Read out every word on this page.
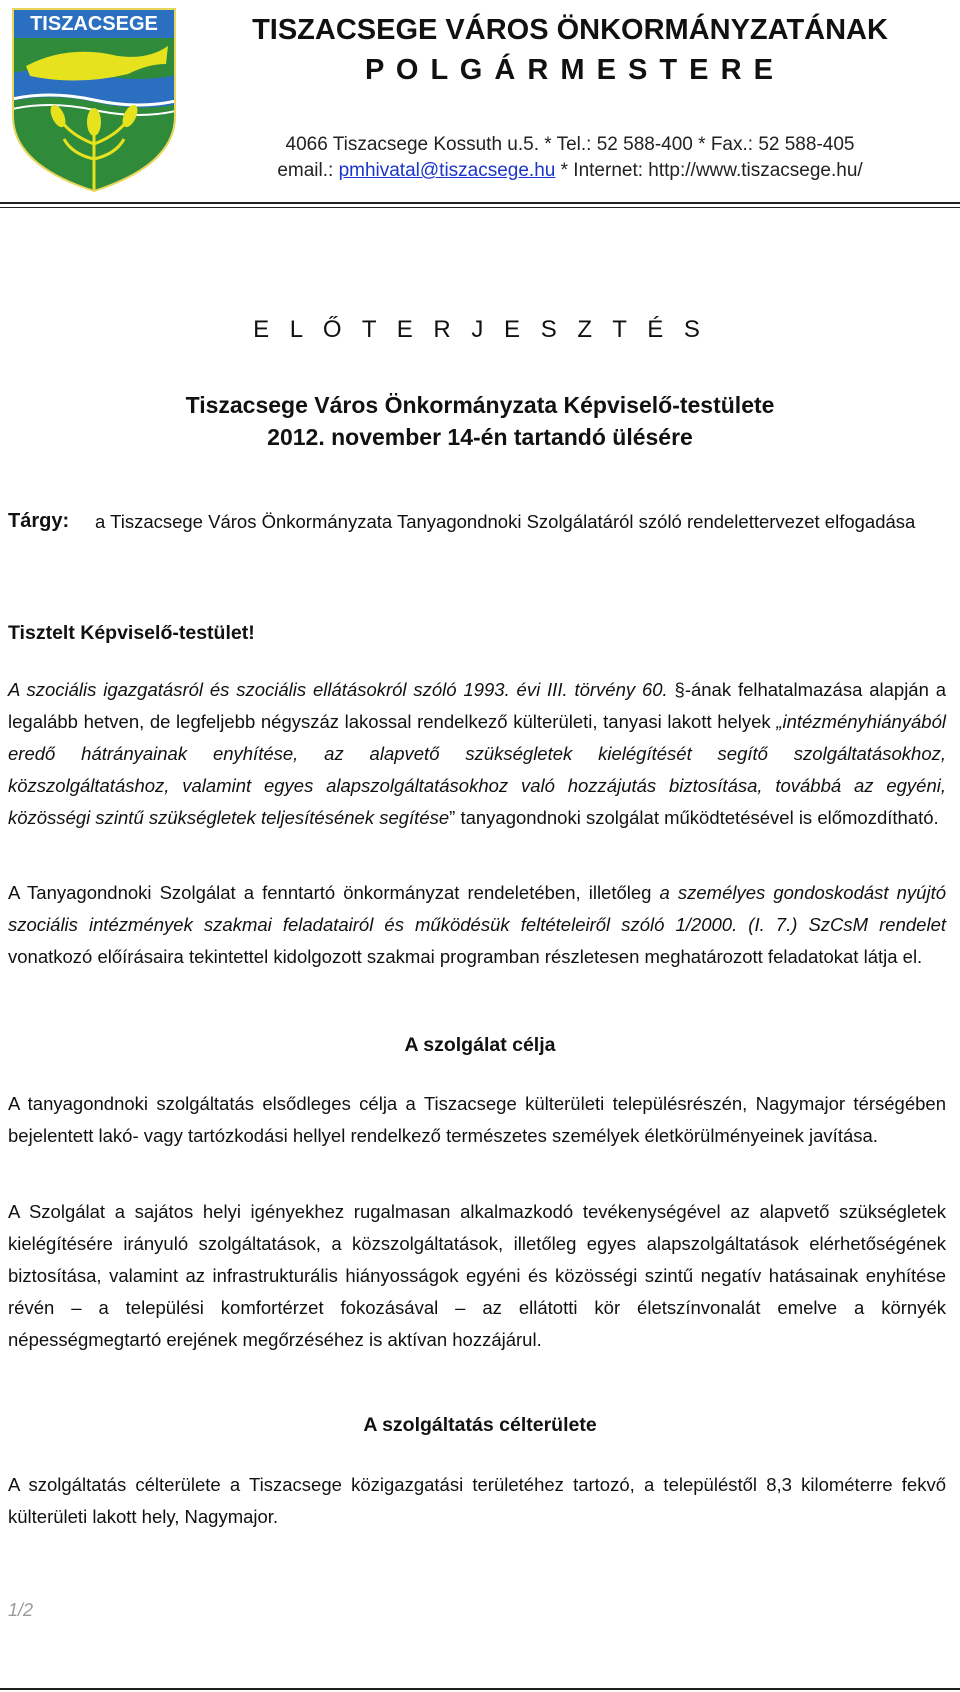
TISZACSEGE	TISZACSEGE VÁROS ÖNKORMÁNYZATÁNAK
P O L G Á R M E S T E R E
4066 Tiszacsege Kossuth u.5. * Tel.: 52 588-400 * Fax.: 52 588-405
email.: pmhivatal@tiszacsege.hu * Internet: http://www.tiszacsege.hu/
E L Ő T E R J E S Z T É S
Tiszacsege Város Önkormányzata Képviselő-testülete
2012. november 14-én tartandó ülésére
Tárgy: a Tiszacsege Város Önkormányzata Tanyagondnoki Szolgálatáról szóló rendelettervezet elfogadása
Tisztelt Képviselő-testület!
A szociális igazgatásról és szociális ellátásokról szóló 1993. évi III. törvény 60. §-ának felhatalmazása alapján a legalább hetven, de legfeljebb négyszáz lakossal rendelkező külterületi, tanyasi lakott helyek „intézményhiányából eredő hátrányainak enyhítése, az alapvető szükségletek kielégítését segítő szolgáltatásokhoz, közszolgáltatáshoz, valamint egyes alapszolgáltatásokhoz való hozzájutás biztosítása, továbbá az egyéni, közösségi szintű szükségletek teljesítésének segítése” tanyagondnoki szolgálat működtetésével is előmozdítható.
A Tanyagondnoki Szolgálat a fenntartó önkormányzat rendeletében, illetőleg a személyes gondoskodást nyújtó szociális intézmények szakmai feladatairól és működésük feltételeiről szóló 1/2000. (I. 7.) SzCsM rendelet vonatkozó előírásaira tekintettel kidolgozott szakmai programban részletesen meghatározott feladatokat látja el.
A szolgálat célja
A tanyagondnoki szolgáltatás elsődleges célja a Tiszacsege külterületi településrészén, Nagymajor térségében bejelentett lakó- vagy tartózkodási hellyel rendelkező természetes személyek életkörülményeinek javítása.
A Szolgálat a sajátos helyi igényekhez rugalmasan alkalmazkodó tevékenységével az alapvető szükségletek kielégítésére irányuló szolgáltatások, a közszolgáltatások, illetőleg egyes alapszolgáltatások elérhetőségének biztosítása, valamint az infrastrukturális hiányosságok egyéni és közösségi szintű negatív hatásainak enyhítése révén – a települési komfortérzet fokozásával – az ellátotti kör életszínvonalát emelve a környék népességmegtartó erejének megőrzéséhez is aktívan hozzájárul.
A szolgáltatás célterülete
A szolgáltatás célterülete a Tiszacsege közigazgatási területéhez tartozó, a településtől 8,3 kilométerre fekvő külterületi lakott hely, Nagymajor.
1/2
